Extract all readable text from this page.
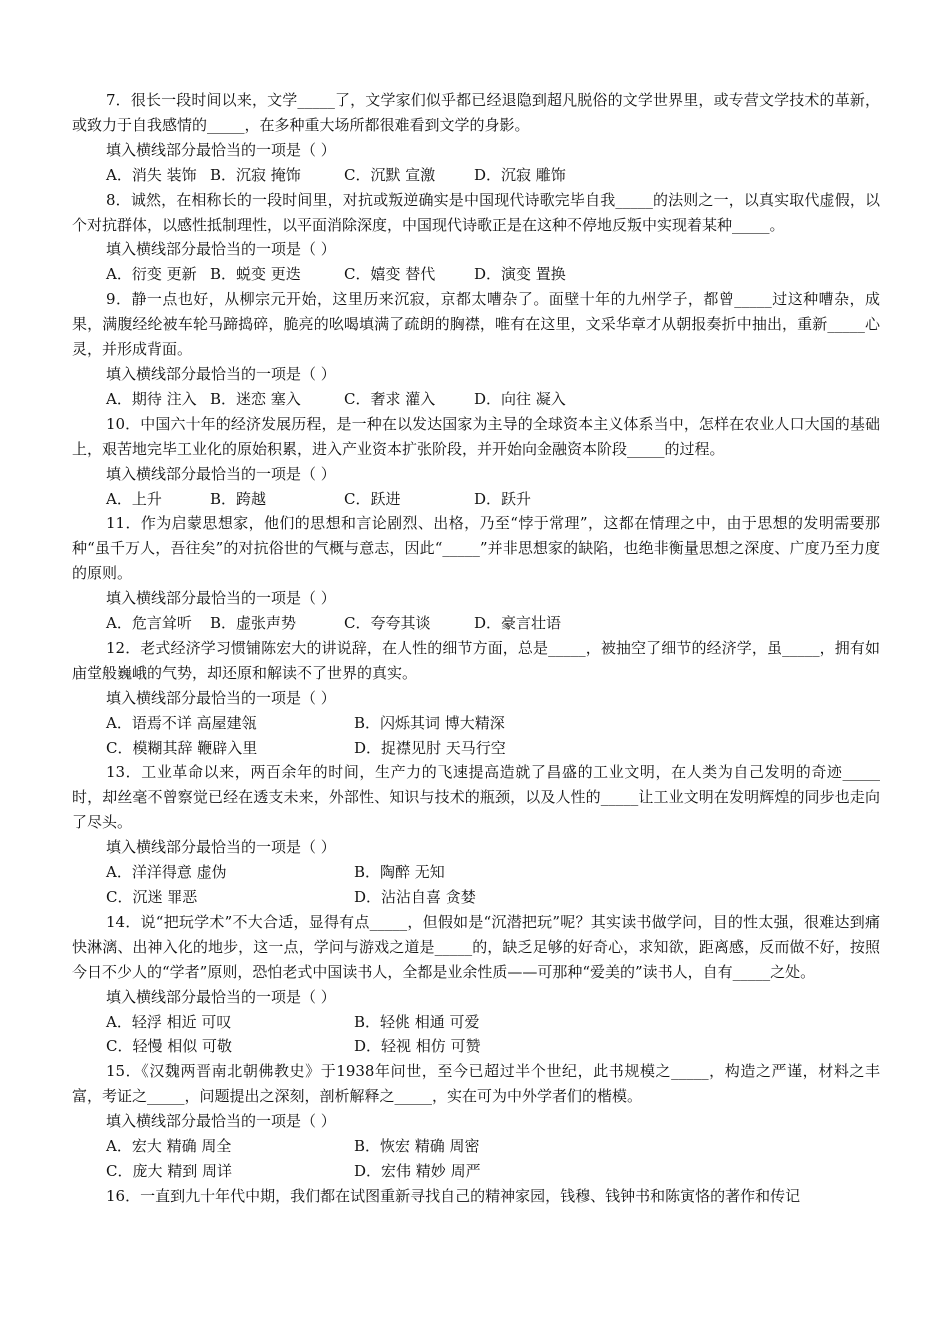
7．很长一段时间以来，文学_____了，文学家们似乎都已经退隐到超凡脱俗的文学世界里，或专营文学技术的革新，或致力于自我感情的_____，在多种重大场所都很难看到文学的身影。

填入横线部分最恰当的一项是（ ）

A．消失 装饰 B．沉寂 掩饰	C．沉默 宣激	D．沉寂 雕饰

8．诚然，在相称长的一段时间里，对抗或叛逆确实是中国现代诗歌完毕自我_____的法则之一，以真实取代虚假，以个对抗群体，以感性抵制理性，以平面消除深度，中国现代诗歌正是在这种不停地反叛中实现着某种_____。

填入横线部分最恰当的一项是（ ）

A．衍变 更新 B．蜕变 更迭	C．嬉变 替代	D．演变 置换

9．静一点也好，从柳宗元开始，这里历来沉寂，京都太嘈杂了。面壁十年的九州学子，都曾_____过这种嘈杂，成果，满腹经纶被车轮马蹄捣碎，脆亮的吆喝填满了疏朗的胸襟，唯有在这里，文采华章才从朝报奏折中抽出，重新_____心灵，并形成背面。

填入横线部分最恰当的一项是（ ）

A．期待 注入 B．迷恋 塞入	C．奢求 灌入	D．向往 凝入

10．中国六十年的经济发展历程，是一种在以发达国家为主导的全球资本主义体系当中，怎样在农业人口大国的基础上，艰苦地完毕工业化的原始积累，进入产业资本扩张阶段，并开始向金融资本阶段_____的过程。

填入横线部分最恰当的一项是（ ）

A．上升	B．跨越	C．跃进	D．跃升

11．作为启蒙思想家，他们的思想和言论剧烈、出格，乃至“悖于常理”，这都在情理之中，由于思想的发明需要那种“虽千万人，吾往矣”的对抗俗世的气概与意志，因此“_____”并非思想家的缺陷，也绝非衡量思想之深度、广度乃至力度的原则。

填入横线部分最恰当的一项是（ ）

A．危言耸听 B．虚张声势	C．夸夸其谈	D．豪言壮语

12．老式经济学习惯铺陈宏大的讲说辞，在人性的细节方面，总是_____，被抽空了细节的经济学，虽_____，拥有如庙堂般巍峨的气势，却还原和解读不了世界的真实。

填入横线部分最恰当的一项是（ ）

A．语焉不详 高屋建瓴	B．闪烁其词 博大精深
C．模糊其辞 鞭辟入里	D．捉襟见肘 天马行空

13．工业革命以来，两百余年的时间，生产力的飞速提高造就了昌盛的工业文明，在人类为自己发明的奇迹_____时，却丝毫不曾察觉已经在透支未来，外部性、知识与技术的瓶颈，以及人性的_____让工业文明在发明辉煌的同步也走向了尽头。

填入横线部分最恰当的一项是（ ）

A．洋洋得意 虚伪	B．陶醉 无知
C．沉迷 罪恶	D．沾沾自喜 贪婪

14．说“把玩学术”不大合适，显得有点_____，但假如是“沉潜把玩”呢？其实读书做学问，目的性太强，很难达到痛快淋漓、出神入化的地步，这一点，学问与游戏之道是_____的，缺乏足够的好奇心，求知欲，距离感，反而做不好，按照今日不少人的“学者”原则，恐怕老式中国读书人，全都是业余性质——可那种“爱美的”读书人，自有_____之处。

填入横线部分最恰当的一项是（ ）

A．轻浮 相近 可叹	B．轻佻 相通 可爱
C．轻慢 相似 可敬	D．轻视 相仿 可赞

15．《汉魏两晋南北朝佛教史》于1938年问世，至今已超过半个世纪，此书规模之_____，构造之严谨，材料之丰富，考证之_____，问题提出之深刻，剖析解释之_____，实在可为中外学者们的楷模。

填入横线部分最恰当的一项是（ ）

A．宏大 精确 周全	B．恢宏 精确 周密
C．庞大 精到 周详	D．宏伟 精妙 周严

16．一直到九十年代中期，我们都在试图重新寻找自己的精神家园，钱穆、钱钟书和陈寅恪的著作和传记
